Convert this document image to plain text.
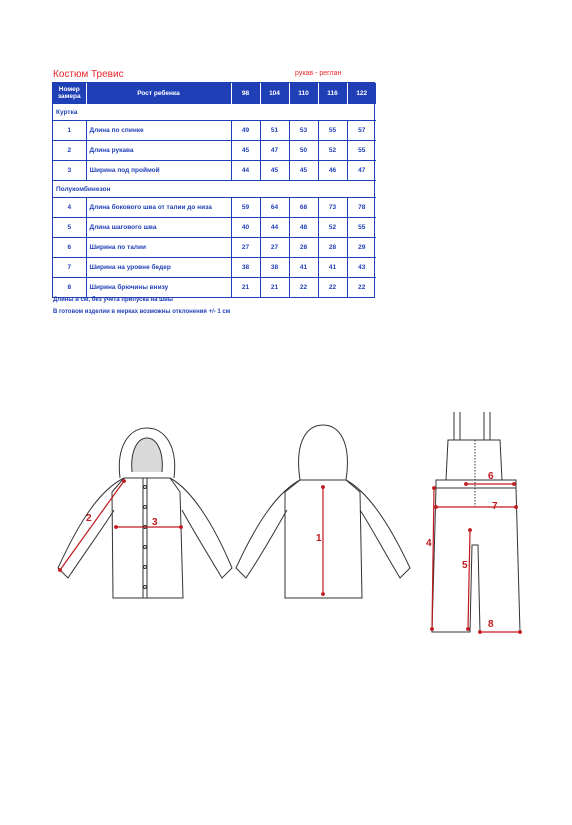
Костюм Тревис	рукав - реглан
Номер замера	Рост ребенка	98	104	110	116	122
Куртка						
1	Длина по спинке	49	51	53	55	57
2	Длина рукава	45	47	50	52	55
3	Ширина под проймой	44	45	45	46	47
Полукомбинезон						
4	Длина бокового шва от талии до низа	59	64	68	73	78
5	Длина шагового шва	40	44	48	52	55
6	Ширина по талии	27	27	28	28	29
7	Ширина на уровне бедер	38	38	41	41	43
8	Ширина брючины внизу	21	21	22	22	22
Длины в см, без учета припуска на швы
В готовом изделии в мерках возможны отклонения +/- 1 см
1
2	3
4
5
6
7
8
